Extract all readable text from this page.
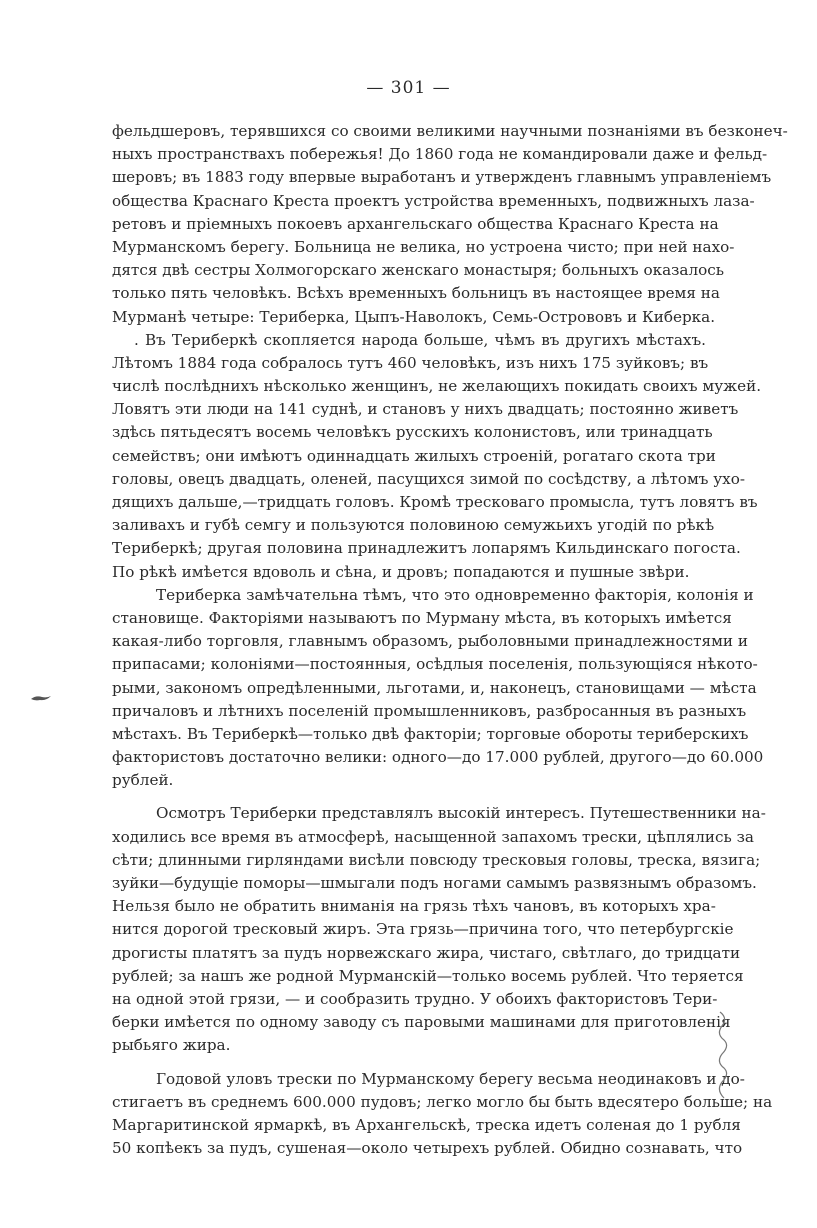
— 301 —
фельдшеровъ, терявшихся со своими великими научными познаніями въ безконеч-
ныхъ пространствахъ побережья! До 1860 года не командировали даже и фельд-
шеровъ; въ 1883 году впервые выработанъ и утвержденъ главнымъ управленіемъ
общества Краснаго Креста проектъ устройства временныхъ, подвижныхъ лаза-
ретовъ и пріемныхъ покоевъ архангельскаго общества Краснаго Креста на
Мурманскомъ берегу. Больница не велика, но устроена чисто; при ней нахо-
дятся двѣ сестры Холмогорскаго женскаго монастыря; больныхъ оказалось
только пять человѣкъ. Всѣхъ временныхъ больницъ въ настоящее время на
Мурманѣ четыре: Териберка, Цыпъ-Наволокъ, Семь-Острововъ и Киберка.
. Въ Териберкѣ скопляется народа больше, чѣмъ въ другихъ мѣстахъ.
Лѣтомъ 1884 года собралось тутъ 460 человѣкъ, изъ нихъ 175 зуйковъ; въ
числѣ послѣднихъ нѣсколько женщинъ, не желающихъ покидать своихъ мужей.
Ловятъ эти люди на 141 суднѣ, и становъ у нихъ двадцать; постоянно живетъ
здѣсь пятьдесятъ восемь человѣкъ русскихъ колонистовъ, или тринадцать
семействъ; они имѣютъ одиннадцать жилыхъ строеній, рогатаго скота три
головы, овецъ двадцать, оленей, пасущихся зимой по сосѣдству, а лѣтомъ ухо-
дящихъ дальше,—тридцать головъ. Кромѣ тресковаго промысла, тутъ ловятъ въ
заливахъ и губѣ семгу и пользуются половиною семужьихъ угодій по рѣкѣ
Териберкѣ; другая половина принадлежитъ лопарямъ Кильдинскаго погоста.
По рѣкѣ имѣется вдоволь и сѣна, и дровъ; попадаются и пушные звѣри.
Териберка замѣчательна тѣмъ, что это одновременно факторія, колонія и
становище. Факторіями называютъ по Мурману мѣста, въ которыхъ имѣется
какая-либо торговля, главнымъ образомъ, рыболовными принадлежностями и
припасами; колоніями—постоянныя, осѣдлыя поселенія, пользующіяся нѣкото-
рыми, закономъ опредѣленными, льготами, и, наконецъ, становищами — мѣста
причаловъ и лѣтнихъ поселеній промышленниковъ, разбросанныя въ разныхъ
мѣстахъ. Въ Териберкѣ—только двѣ факторіи; торговые обороты териберскихъ
фактористовъ достаточно велики: одного—до 17.000 рублей, другого—до 60.000
рублей.
Осмотръ Териберки представлялъ высокій интересъ. Путешественники на-
ходились все время въ атмосферѣ, насыщенной запахомъ трески, цѣплялись за
сѣти; длинными гирляндами висѣли повсюду тресковыя головы, треска, вязига;
зуйки—будущіе поморы—шмыгали подъ ногами самымъ развязнымъ образомъ.
Нельзя было не обратить вниманія на грязь тѣхъ чановъ, въ которыхъ хра-
нится дорогой тресковый жиръ. Эта грязь—причина того, что петербургскіе
дрогисты платятъ за пудъ норвежскаго жира, чистаго, свѣтлаго, до тридцати
рублей; за нашъ же родной Мурманскій—только восемь рублей. Что теряется
на одной этой грязи, — и сообразить трудно. У обоихъ фактористовъ Тери-
берки имѣется по одному заводу съ паровыми машинами для приготовленія
рыбьяго жира.
Годовой уловъ трески по Мурманскому берегу весьма неодинаковъ и до-
стигаетъ въ среднемъ 600.000 пудовъ; легко могло бы быть вдесятеро больше; на
Маргаритинской ярмаркѣ, въ Архангельскѣ, треска идетъ соленая до 1 рубля
50 копѣекъ за пудъ, сушеная—около четырехъ рублей. Обидно сознавать, что
